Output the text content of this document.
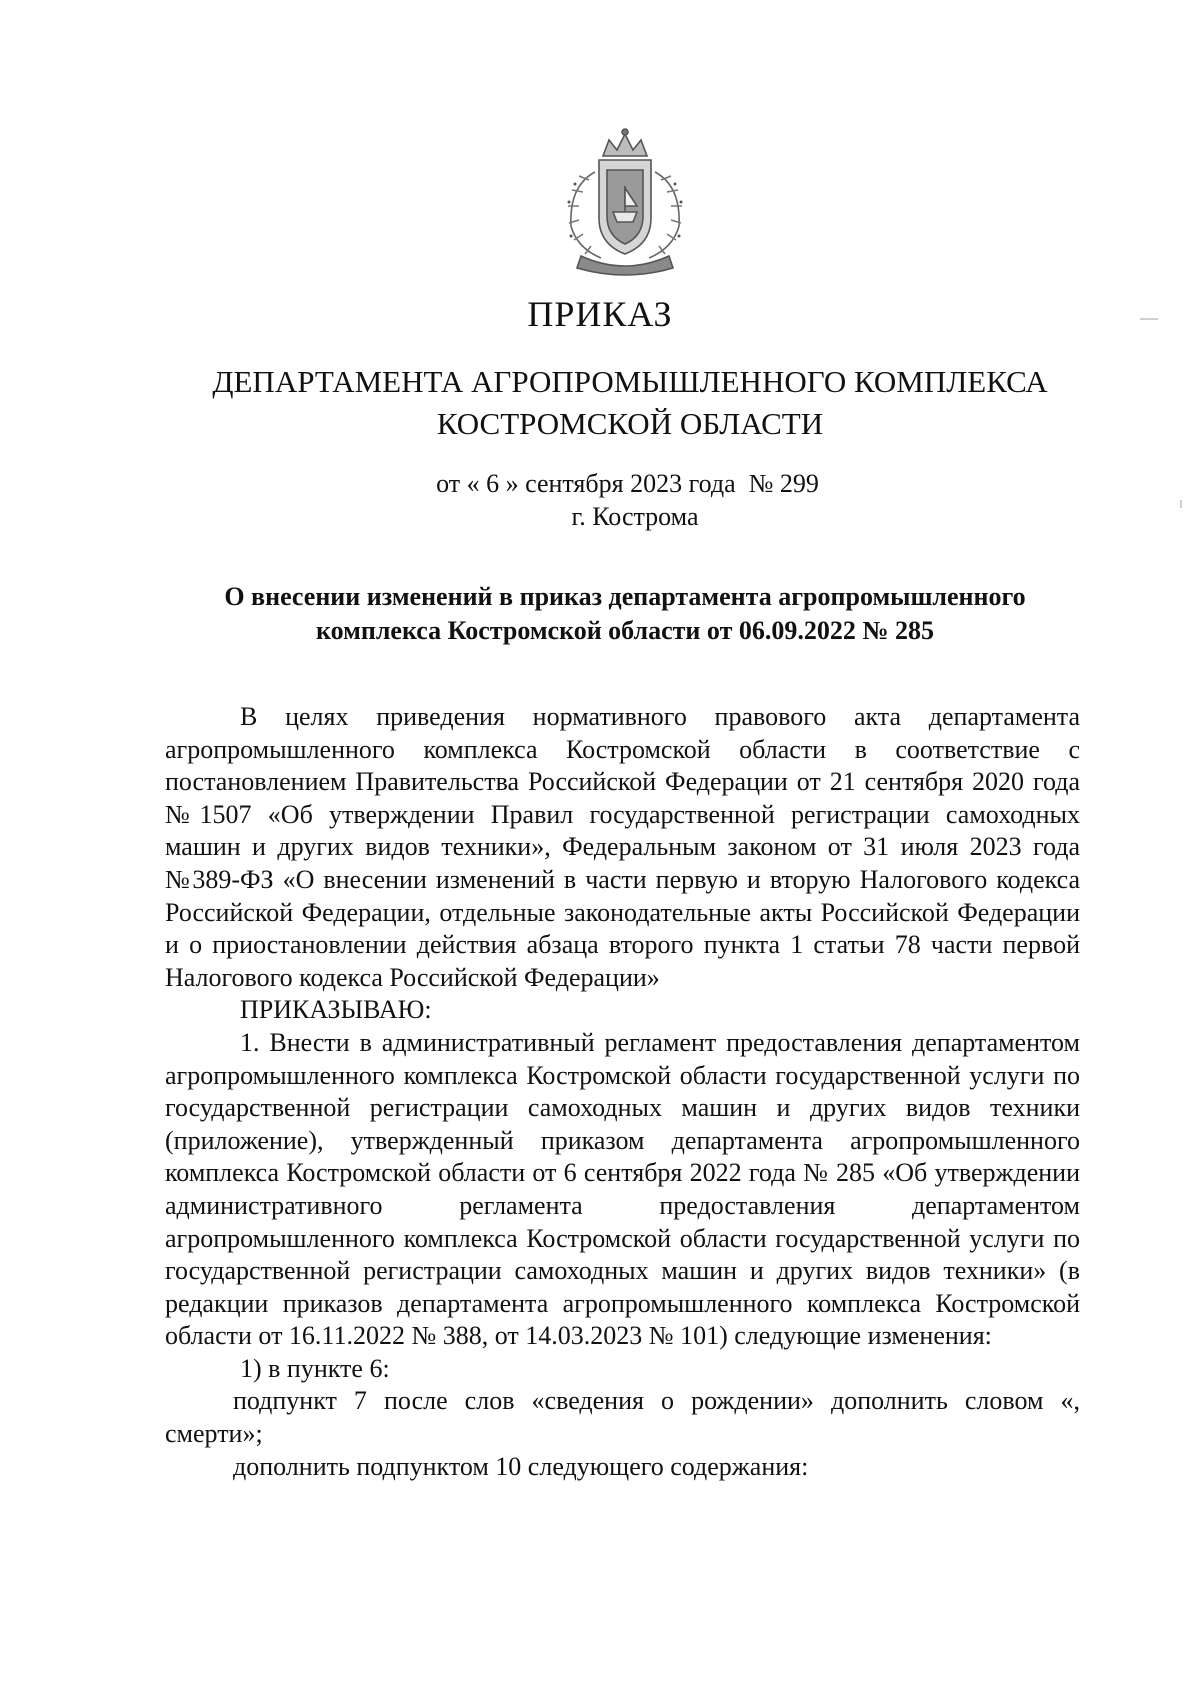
ПРИКАЗ
ДЕПАРТАМЕНТА АГРОПРОМЫШЛЕННОГО КОМПЛЕКСА
КОСТРОМСКОЙ ОБЛАСТИ
от « 6 » сентября 2023 года  № 299
г. Кострома
О внесении изменений в приказ департамента агропромышленного
комплекса Костромской области от 06.09.2022 № 285

В целях приведения нормативного правового акта департамента агропромышленного комплекса Костромской области в соответствие с постановлением Правительства Российской Федерации от 21 сентября 2020 года №1507 «Об утверждении Правил государственной регистрации самоходных машин и других видов техники», Федеральным законом от 31 июля 2023 года №389-ФЗ «О внесении изменений в части первую и вторую Налогового кодекса Российской Федерации, отдельные законодательные акты Российской Федерации и о приостановлении действия абзаца второго пункта 1 статьи 78 части первой Налогового кодекса Российской Федерации»

ПРИКАЗЫВАЮ:

1. Внести в административный регламент предоставления департаментом агропромышленного комплекса Костромской области государственной услуги по государственной регистрации самоходных машин и других видов техники (приложение), утвержденный приказом департамента агропромышленного комплекса Костромской области от 6 сентября 2022 года № 285 «Об утверждении административного регламента предоставления департаментом агропромышленного комплекса Костромской области государственной услуги по государственной регистрации самоходных машин и других видов техники» (в редакции приказов департамента агропромышленного комплекса Костромской области от 16.11.2022 № 388, от 14.03.2023 № 101) следующие изменения:

1) в пункте 6:

подпункт 7 после слов «сведения о рождении» дополнить словом «, смерти»;

дополнить подпунктом 10 следующего содержания:
